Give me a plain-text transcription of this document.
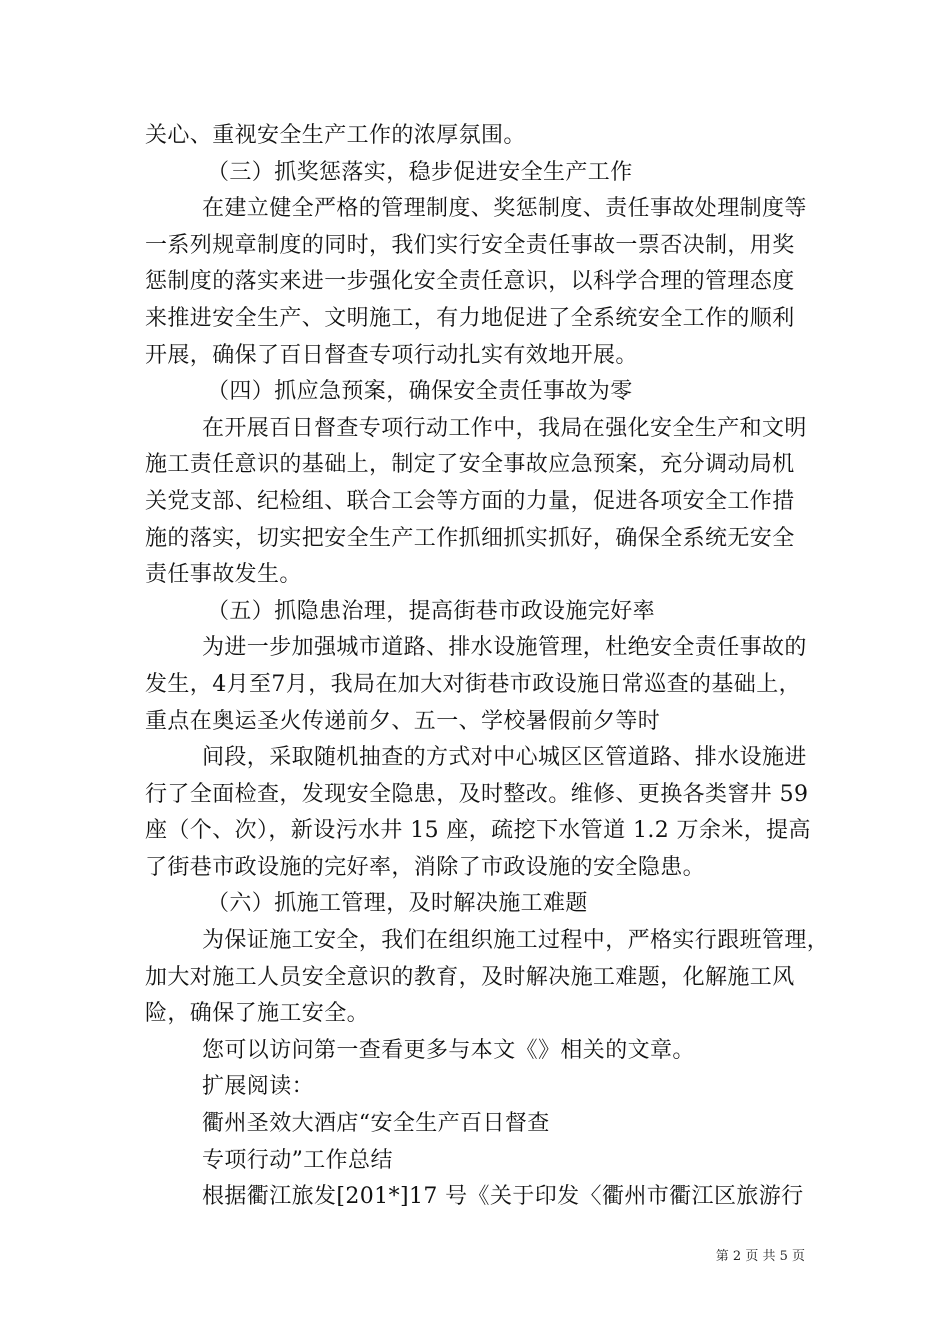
关心、重视安全生产工作的浓厚氛围。
（三）抓奖惩落实，稳步促进安全生产工作
在建立健全严格的管理制度、奖惩制度、责任事故处理制度等
一系列规章制度的同时，我们实行安全责任事故一票否决制，用奖
惩制度的落实来进一步强化安全责任意识，以科学合理的管理态度
来推进安全生产、文明施工，有力地促进了全系统安全工作的顺利
开展，确保了百日督查专项行动扎实有效地开展。
（四）抓应急预案，确保安全责任事故为零
在开展百日督查专项行动工作中，我局在强化安全生产和文明
施工责任意识的基础上，制定了安全事故应急预案，充分调动局机
关党支部、纪检组、联合工会等方面的力量，促进各项安全工作措
施的落实，切实把安全生产工作抓细抓实抓好，确保全系统无安全
责任事故发生。
（五）抓隐患治理，提高街巷市政设施完好率
为进一步加强城市道路、排水设施管理，杜绝安全责任事故的
发生，4月至7月，我局在加大对街巷市政设施日常巡查的基础上，
重点在奥运圣火传递前夕、五一、学校暑假前夕等时
间段，采取随机抽查的方式对中心城区区管道路、排水设施进
行了全面检查，发现安全隐患，及时整改。维修、更换各类窨井 59
座（个、次），新设污水井 15 座，疏挖下水管道 1.2 万余米，提高
了街巷市政设施的完好率，消除了市政设施的安全隐患。
（六）抓施工管理，及时解决施工难题
为保证施工安全，我们在组织施工过程中，严格实行跟班管理，
加大对施工人员安全意识的教育，及时解决施工难题，化解施工风
险，确保了施工安全。
您可以访问第一查看更多与本文《》相关的文章。
扩展阅读：
衢州圣效大酒店“安全生产百日督查
专项行动”工作总结
根据衢江旅发[201*]17 号《关于印发〈衢州市衢江区旅游行
第 2 页 共 5 页
